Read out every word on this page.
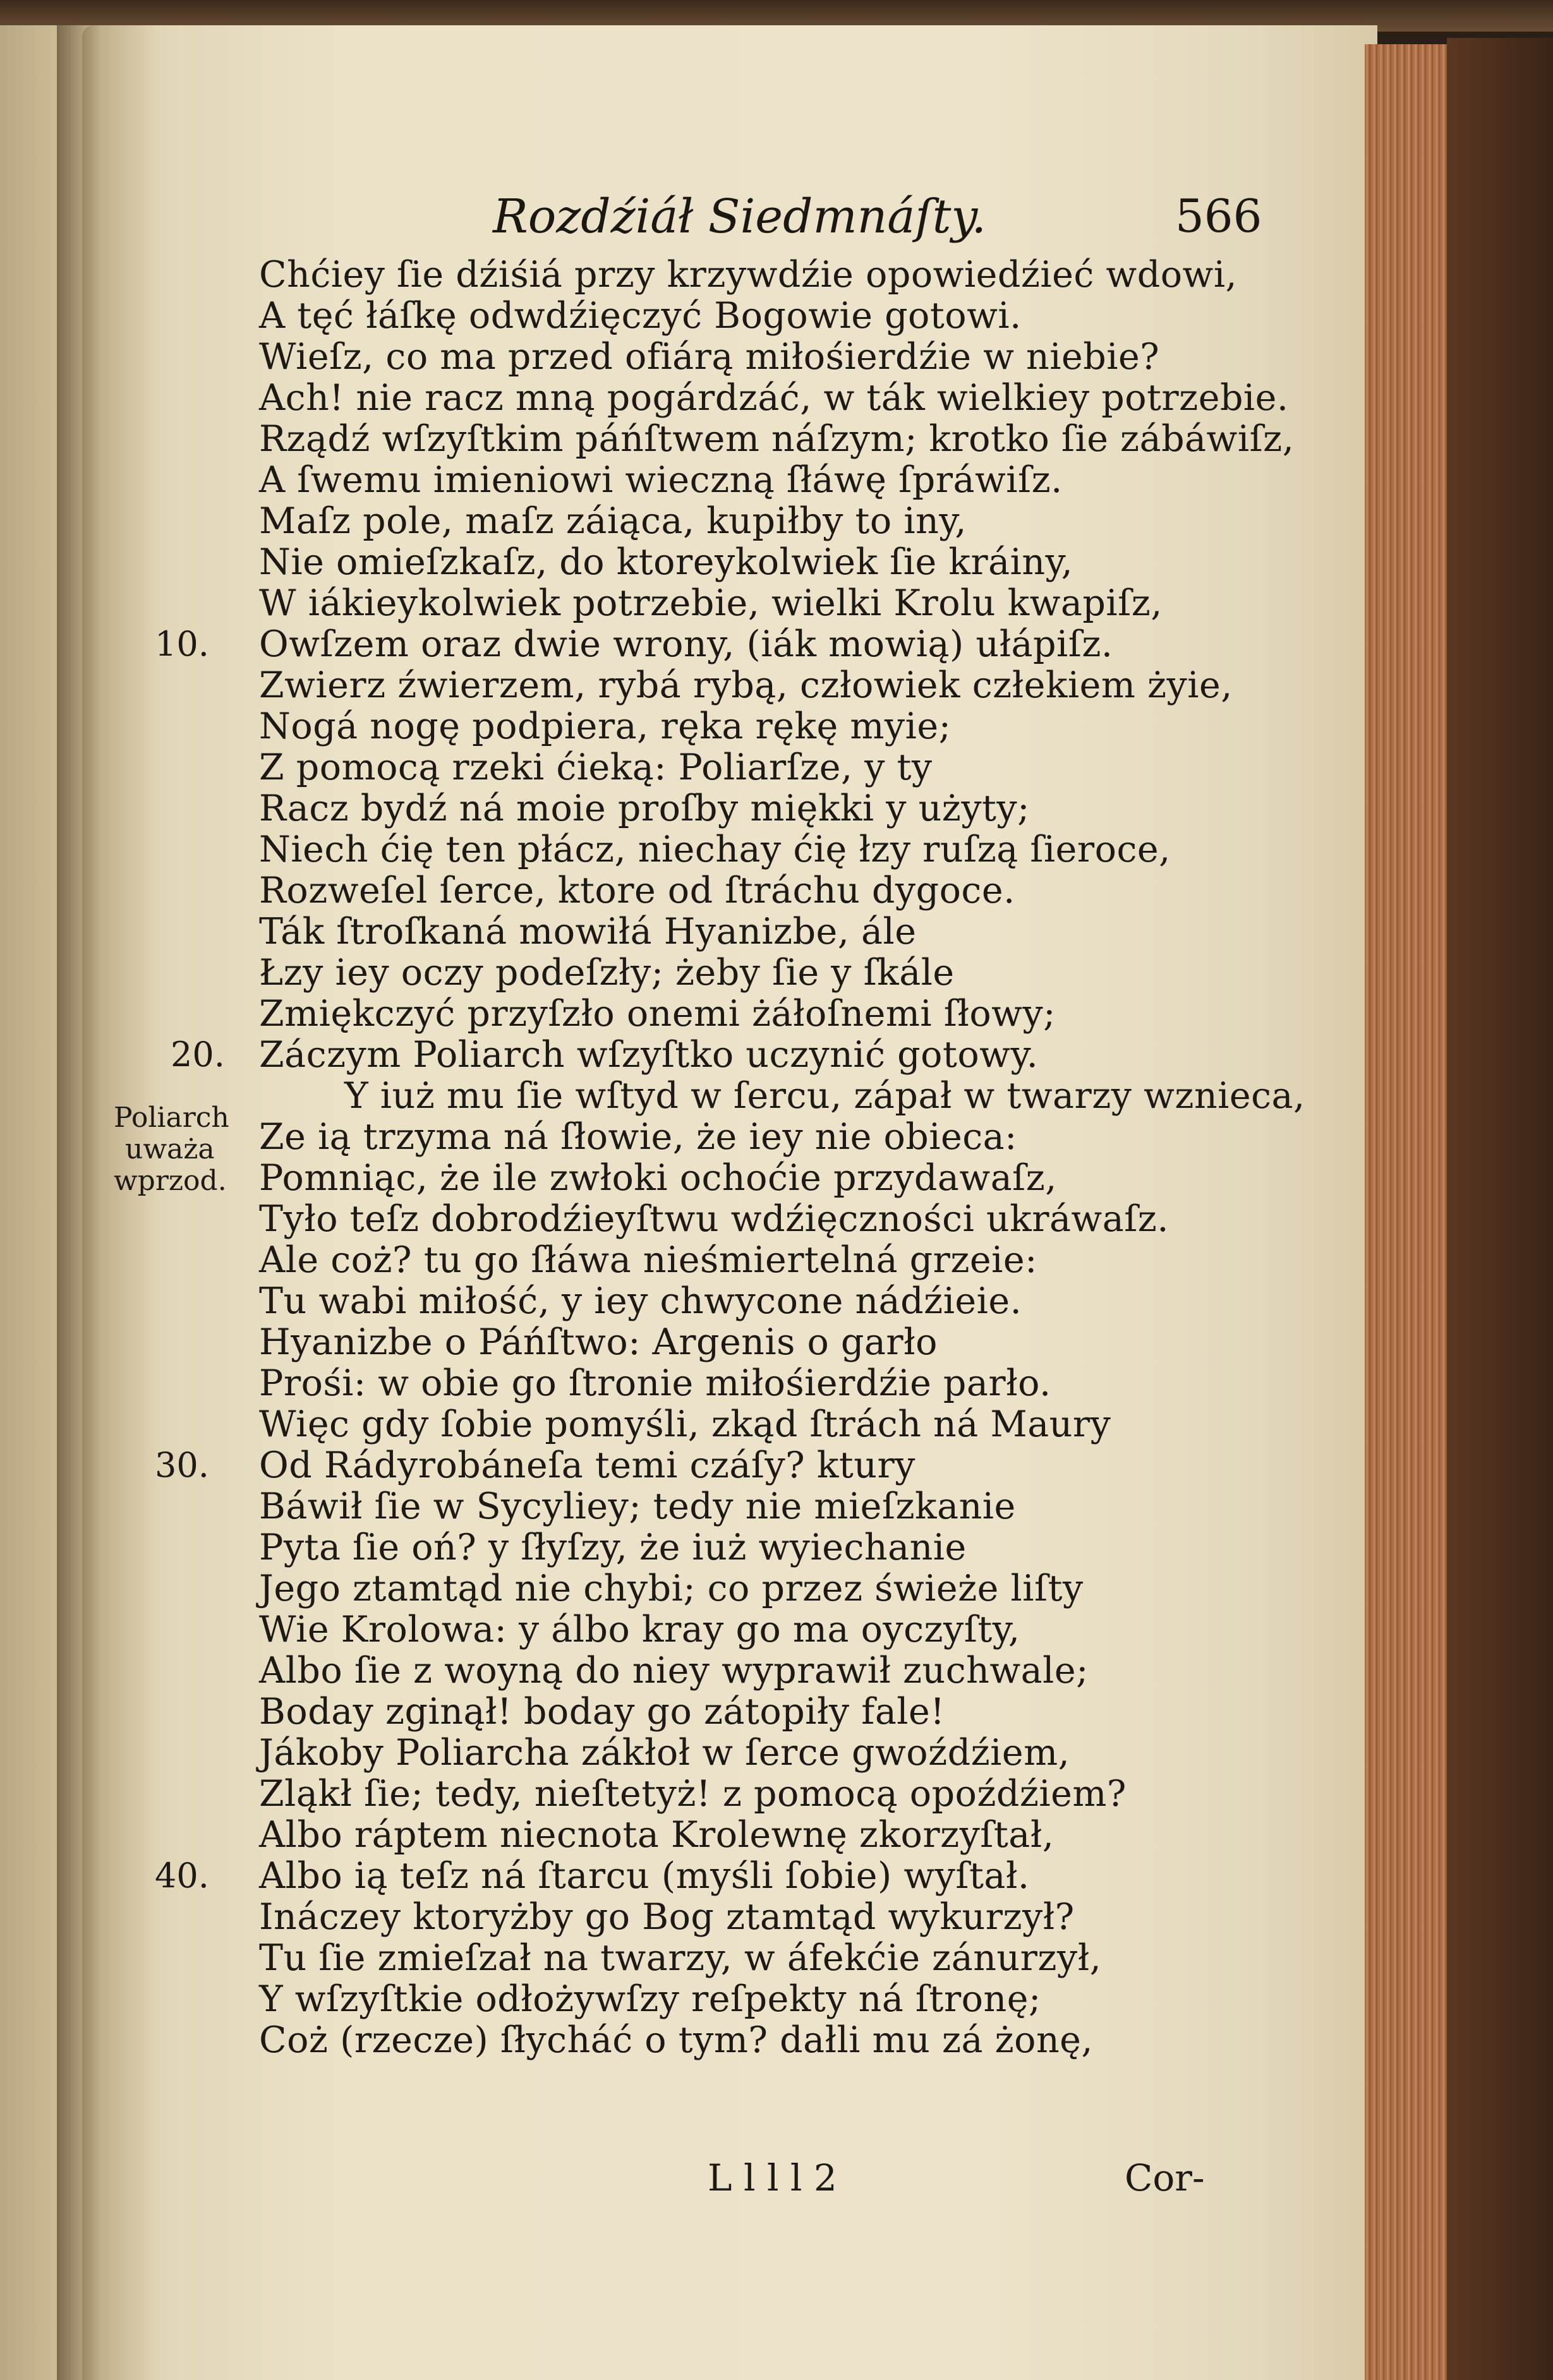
Rozdźiáł Siedmnáſty.	566
Chćiey ſie dźiśiá przy krzywdźie opowiedźieć wdowi,
A tęć łáſkę odwdźięczyć Bogowie gotowi.
Wieſz, co ma przed ofiárą miłośierdźie w niebie?
Ach! nie racz mną pogárdzáć, w ták wielkiey potrzebie.
Rządź wſzyſtkim páńſtwem náſzym; krotko ſie zábáwiſz,
A ſwemu imieniowi wieczną ſłáwę ſpráwiſz.
Maſz pole, maſz záiąca, kupiłby to iny,
Nie omieſzkaſz, do ktoreykolwiek ſie kráiny,
W iákieykolwiek potrzebie, wielki Krolu kwapiſz,
Owſzem oraz dwie wrony, (iák mowią) ułápiſz.
Zwierz źwierzem, rybá rybą, człowiek człekiem żyie,
Nogá nogę podpiera, ręka rękę myie;
Z pomocą rzeki ćieką: Poliarſze, y ty
Racz bydź ná moie proſby miękki y użyty;
Niech ćię ten płácz, niechay ćię łzy ruſzą ſieroce,
Rozweſel ſerce, ktore od ſtráchu dygoce.
Ták ſtroſkaná mowiłá Hyanizbe, ále
Łzy iey oczy podeſzły; żeby ſie y ſkále
Zmiękczyć przyſzło onemi żáłoſnemi ſłowy;
Záczym Poliarch wſzyſtko uczynić gotowy.
Y iuż mu ſie wſtyd w ſercu, zápał w twarzy wznieca,
Ze ią trzyma ná ſłowie, że iey nie obieca:
Pomniąc, że ile zwłoki ochoćie przydawaſz,
Tyło teſz dobrodźieyſtwu wdźięczności ukráwaſz.
Ale coż? tu go ſłáwa nieśmiertelná grzeie:
Tu wabi miłość, y iey chwycone nádźieie.
Hyanizbe o Páńſtwo: Argenis o garło
Prośi: w obie go ſtronie miłośierdźie parło.
Więc gdy ſobie pomyśli, zkąd ſtrách ná Maury
Od Rádyrobáneſa temi czáſy? ktury
Báwił ſie w Sycyliey; tedy nie mieſzkanie
Pyta ſie oń? y ſłyſzy, że iuż wyiechanie
Jego ztamtąd nie chybi; co przez świeże liſty
Wie Krolowa: y álbo kray go ma oyczyſty,
Albo ſie z woyną do niey wyprawił zuchwale;
Boday zginął! boday go zátopiły fale!
Jákoby Poliarcha zákłoł w ſerce gwoźdźiem,
Zląkł ſie; tedy, nieſtetyż! z pomocą opoźdźiem?
Albo ráptem niecnota Krolewnę zkorzyſtał,
Albo ią teſz ná ſtarcu (myśli ſobie) wyſtał.
Ináczey ktoryżby go Bog ztamtąd wykurzył?
Tu ſie zmieſzał na twarzy, w áfekćie zánurzył,
Y wſzyſtkie odłożywſzy reſpekty ná ſtronę;
Coż (rzecze) ſłycháć o tym? dałli mu zá żonę,
10.
20.
30.
40.
Poliarch
uważa
wprzod.
L l l l 2	Cor-
